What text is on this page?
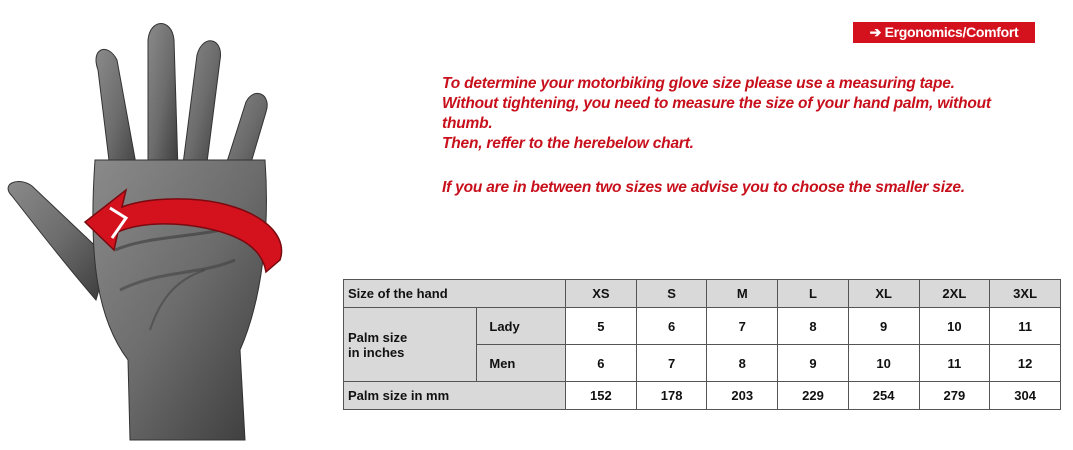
➔ Ergonomics/Comfort

To determine your motorbiking glove size please use a measuring tape.

Without tightening, you need to measure the size of your hand palm, without thumb.

Then, reffer to the herebelow chart.

If you are in between two sizes we advise you to choose the smaller size.

Size of the hand		XS	S	M	L	XL	2XL	3XL
Palm size
in inches	Lady	5	6	7	8	9	10	11
	Men	6	7	8	9	10	11	12
Palm size in mm		152	178	203	229	254	279	304
